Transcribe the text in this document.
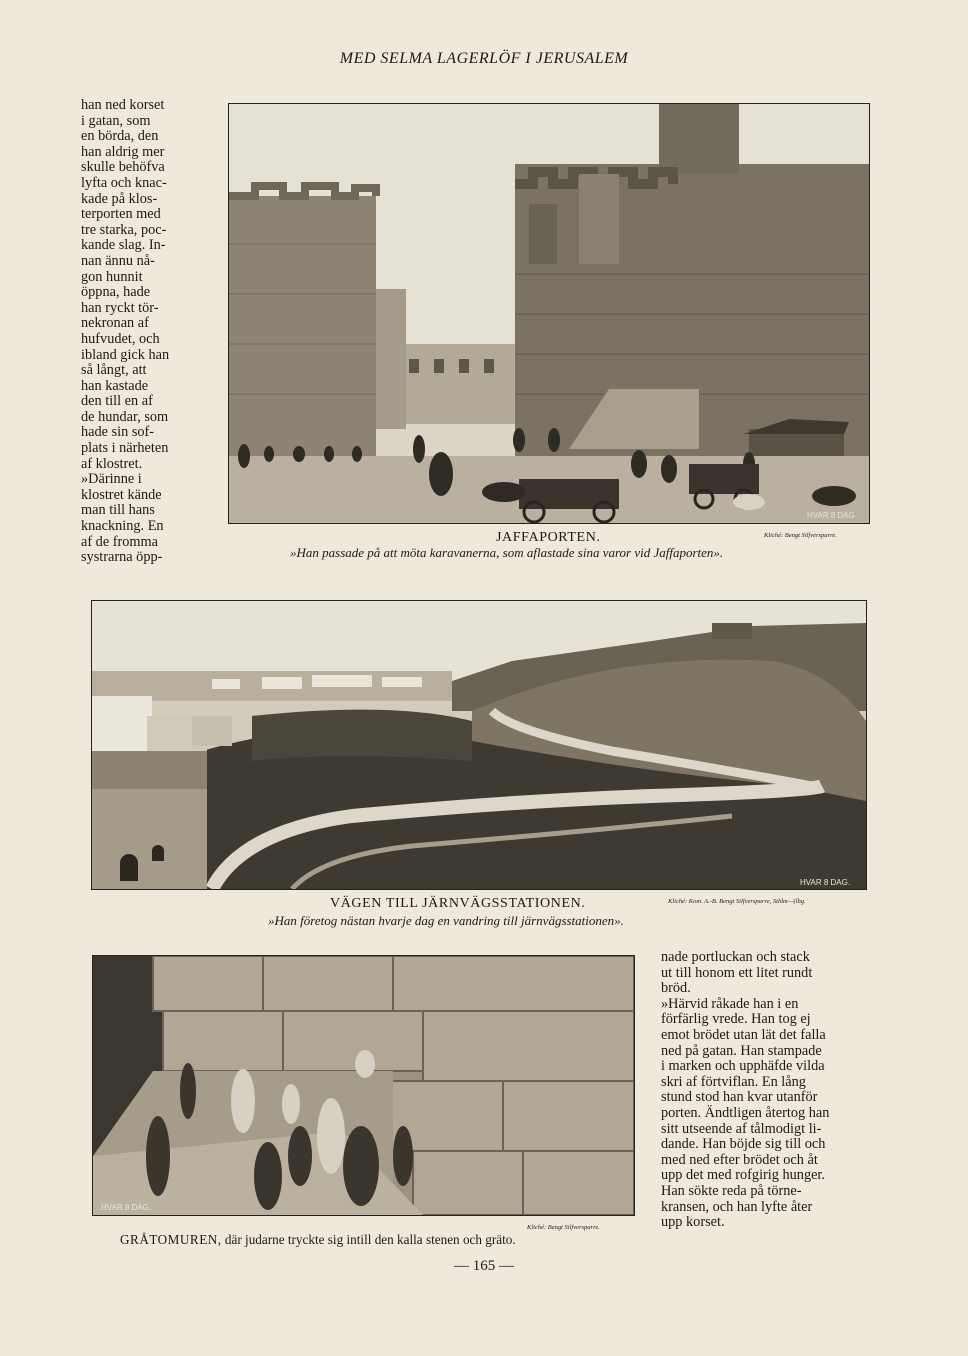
MED SELMA LAGERLÖF I JERUSALEM
han ned korset
i gatan, som
en börda, den
han aldrig mer
skulle behöfva
lyfta och knac-
kade på klos-
terporten med
tre starka, poc-
kande slag. In-
nan ännu nå-
gon hunnit
öppna, hade
han ryckt tör-
nekronan af
hufvudet, och
ibland gick han
så långt, att
han kastade
den till en af
de hundar, som
hade sin sof-
plats i närheten
af klostret.
»Därinne i
klostret kände
man till hans
knackning. En
af de fromma
systrarna öpp-
HVAR 8 DAG
JAFFAPORTEN.	Kliché: Bengt Silfversparre.
»Han passade på att möta karavanerna, som aflastade sina varor vid Jaffaporten».
HVAR 8 DAG.
VÄGEN TILL JÄRNVÄGSSTATIONEN.	Kliché: Kom. A.-B. Bengt Silfversparre, Sthlm—(lbg.
»Han företog nästan hvarje dag en vandring till järnvägsstationen».
HVAR 8 DAG.
Kliché: Bengt Silfversparre.
GRÅTOMUREN, där judarne tryckte sig intill den kalla stenen och gräto.
nade portluckan och stack
ut till honom ett litet rundt
bröd.
»Härvid råkade han i en
förfärlig vrede. Han tog ej
emot brödet utan lät det falla
ned på gatan. Han stampade
i marken och upphäfde vilda
skri af förtviflan. En lång
stund stod han kvar utanför
porten. Ändtligen återtog han
sitt utseende af tålmodigt li-
dande. Han böjde sig till och
med ned efter brödet och åt
upp det med rofgirig hunger.
Han sökte reda på törne-
kransen, och han lyfte åter
upp korset.
— 165 —
